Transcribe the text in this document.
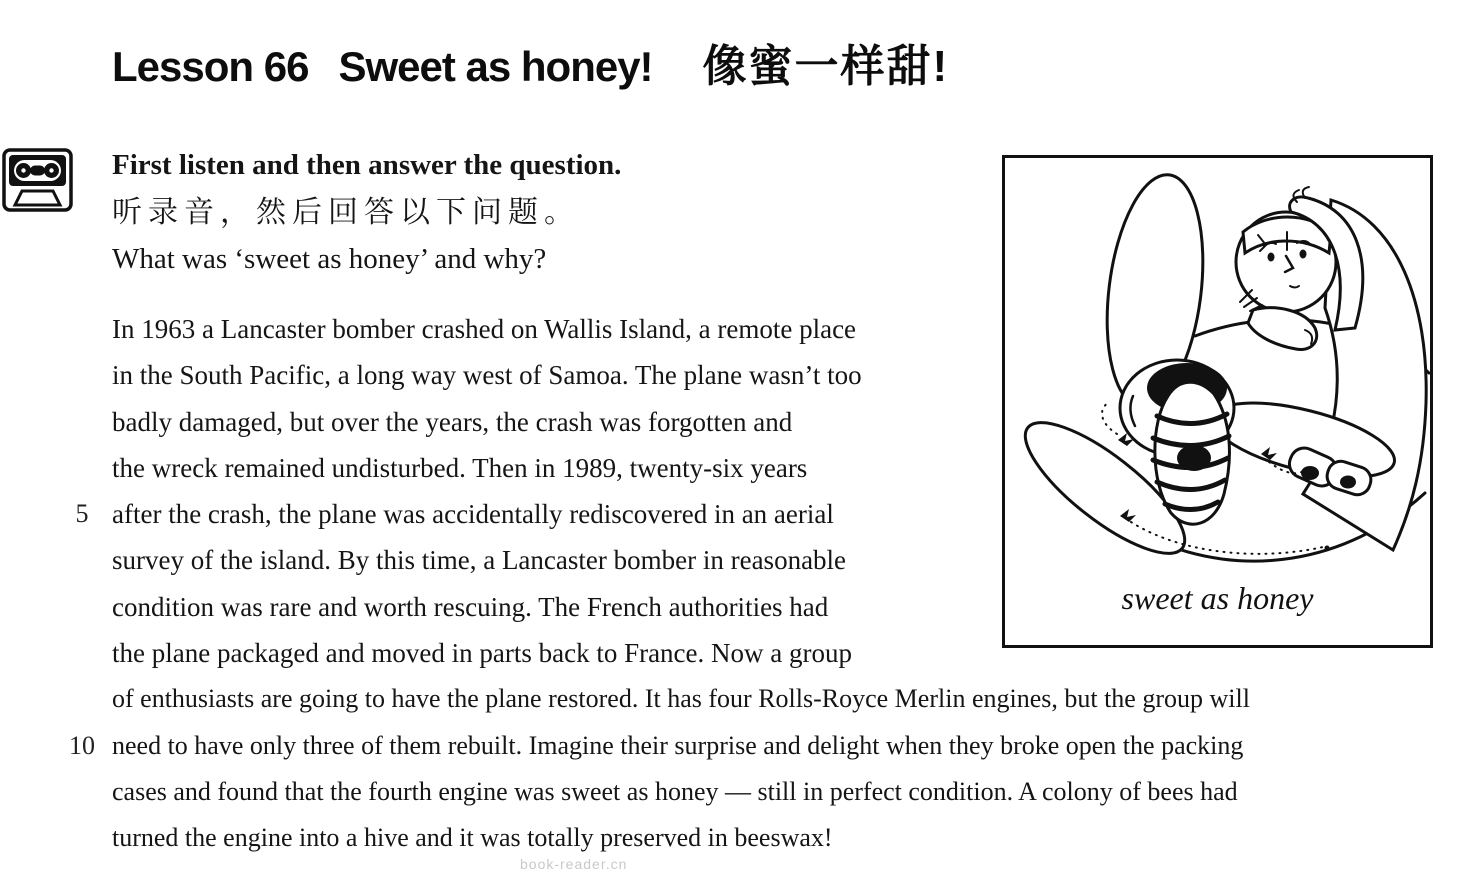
Lesson 66 Sweet as honey! 像蜜一样甜!
First listen and then answer the question.
听录音，然后回答以下问题。
What was ‘sweet as honey’ and why?
In 1963 a Lancaster bomber crashed on Wallis Island, a remote place
in the South Pacific, a long way west of Samoa. The plane wasn’t too
badly damaged, but over the years, the crash was forgotten and
the wreck remained undisturbed. Then in 1989, twenty-six years
5 after the crash, the plane was accidentally rediscovered in an aerial
survey of the island. By this time, a Lancaster bomber in reasonable
condition was rare and worth rescuing. The French authorities had
the plane packaged and moved in parts back to France. Now a group
of enthusiasts are going to have the plane restored. It has four Rolls-Royce Merlin engines, but the group will
10 need to have only three of them rebuilt. Imagine their surprise and delight when they broke open the packing
cases and found that the fourth engine was sweet as honey — still in perfect condition. A colony of bees had
turned the engine into a hive and it was totally preserved in beeswax!
sweet as honey
book-reader.cn
